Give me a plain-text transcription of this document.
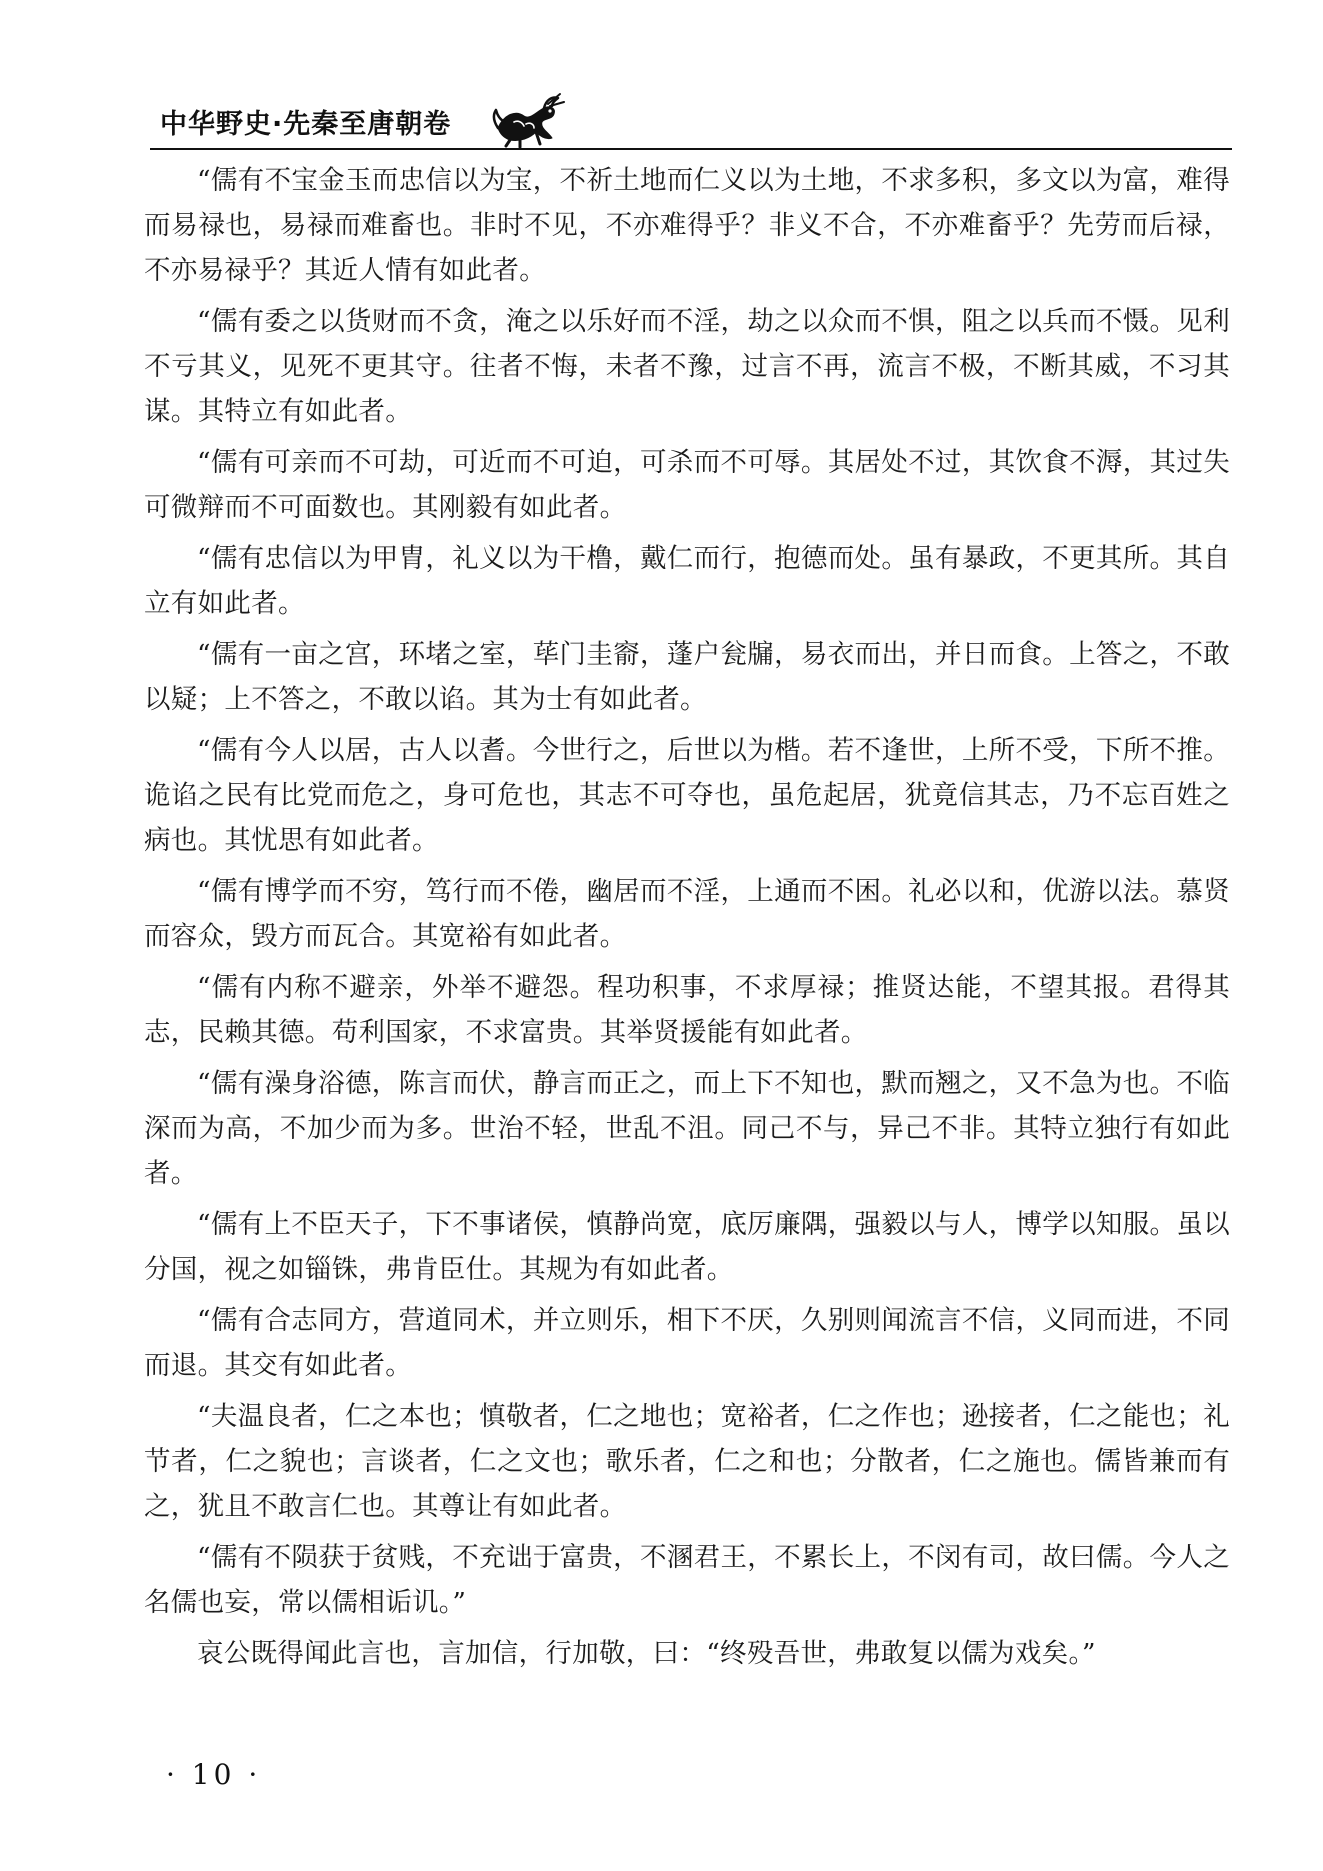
中华野史·先秦至唐朝卷

“儒有不宝金玉而忠信以为宝，不祈土地而仁义以为土地，不求多积，多文以为富，难得而易禄也，易禄而难畜也。非时不见，不亦难得乎？非义不合，不亦难畜乎？先劳而后禄，不亦易禄乎？其近人情有如此者。

“儒有委之以货财而不贪，淹之以乐好而不淫，劫之以众而不惧，阻之以兵而不慑。见利不亏其义，见死不更其守。往者不悔，未者不豫，过言不再，流言不极，不断其威，不习其谋。其特立有如此者。

“儒有可亲而不可劫，可近而不可迫，可杀而不可辱。其居处不过，其饮食不溽，其过失可微辩而不可面数也。其刚毅有如此者。

“儒有忠信以为甲胄，礼义以为干橹，戴仁而行，抱德而处。虽有暴政，不更其所。其自立有如此者。

“儒有一亩之宫，环堵之室，荜门圭窬，蓬户瓮牖，易衣而出，并日而食。上答之，不敢以疑；上不答之，不敢以谄。其为士有如此者。

“儒有今人以居，古人以耆。今世行之，后世以为楷。若不逢世，上所不受，下所不推。诡谄之民有比党而危之，身可危也，其志不可夺也，虽危起居，犹竟信其志，乃不忘百姓之病也。其忧思有如此者。

“儒有博学而不穷，笃行而不倦，幽居而不淫，上通而不困。礼必以和，优游以法。慕贤而容众，毁方而瓦合。其宽裕有如此者。

“儒有内称不避亲，外举不避怨。程功积事，不求厚禄；推贤达能，不望其报。君得其志，民赖其德。苟利国家，不求富贵。其举贤援能有如此者。

“儒有澡身浴德，陈言而伏，静言而正之，而上下不知也，默而翘之，又不急为也。不临深而为高，不加少而为多。世治不轻，世乱不沮。同己不与，异己不非。其特立独行有如此者。

“儒有上不臣天子，下不事诸侯，慎静尚宽，底厉廉隅，强毅以与人，博学以知服。虽以分国，视之如锱铢，弗肯臣仕。其规为有如此者。

“儒有合志同方，营道同术，并立则乐，相下不厌，久别则闻流言不信，义同而进，不同而退。其交有如此者。

“夫温良者，仁之本也；慎敬者，仁之地也；宽裕者，仁之作也；逊接者，仁之能也；礼节者，仁之貌也；言谈者，仁之文也；歌乐者，仁之和也；分散者，仁之施也。儒皆兼而有之，犹且不敢言仁也。其尊让有如此者。

“儒有不陨获于贫贱，不充诎于富贵，不溷君王，不累长上，不闵有司，故曰儒。今人之名儒也妄，常以儒相诟讥。”

哀公既得闻此言也，言加信，行加敬，曰：“终殁吾世，弗敢复以儒为戏矣。”

· 10 ·
